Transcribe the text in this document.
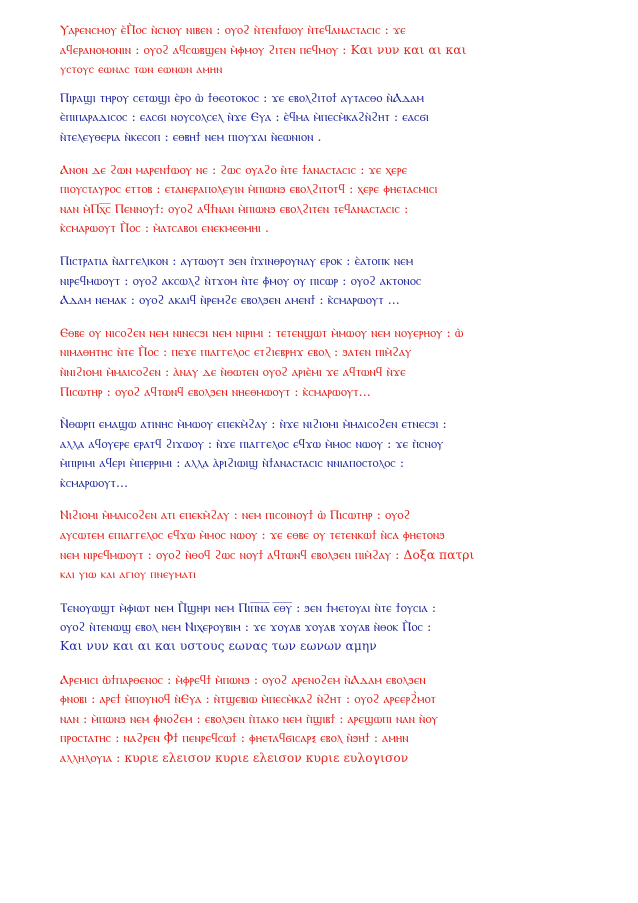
Ⲩⲁⲣⲉⲛⲥⲙⲟⲩ ⲉ̀Ⲡ̀ⲟⲥ ⲛ̀ⲥⲛⲟⲩ ⲛⲓⲃⲉⲛ : ⲟⲩⲟϩ ⲛ̀ⲧⲉⲛϯⲱⲟⲩ ⲛ̀ⲧⲉϥⲁⲛⲁⲥⲧⲁⲥⲓⲥ : ϫⲉ
ⲁϥⲉⲣⲁⲛⲟⲙⲟⲛⲓⲛ : ⲟⲩⲟϩ ⲁϥⲥⲱⲃϣⲉⲛ ⲙ̀ⲫⲙⲟⲩ ϩⲓⲧⲉⲛ ⲡⲉϥⲙⲟⲩ : Και νυν και αι και
ⲩⲥⲧⲟⲩⲥ ⲉⲱⲛⲁⲥ ⲧⲱⲛ ⲉⲱⲛⲱⲛ ⲁⲙⲏⲛ
Ⲡⲓⲣⲁϣⲓ ⲧⲏⲣⲟⲩ ⲥⲉⲧⲱϣⲓ ⲉ̀ⲣⲟ ⲱ̀ ϯⲑⲉⲟⲧⲟⲕⲟⲥ : ϫⲉ ⲉⲃⲟⲗϩⲓⲧⲟϯ ⲁⲩⲧⲁⲥⲑⲟ ⲛ̀Ⲁⲇⲁⲙ
ⲉ̀ⲡⲓⲡⲁⲣⲁⲇⲓⲥⲟⲥ : ⲉⲁⲥϭⲓ ⲛⲟⲩⲥⲟⲗⲥⲉⲗ ⲛ̀ϫⲉ Ⲉⲩⲁ : ⲉ̀ϥⲙⲁ ⲙ̀ⲡⲉⲥⲙ̀ⲕⲁϩⲛ̀ϩⲏⲧ : ⲉⲁⲥϭⲓ
ⲛ̀ⲧⲉⲗⲉⲩⲑⲉⲣⲓⲁ ⲛ̀ⲕⲉⲥⲟⲡ : ⲉⲑⲃⲏϯ ⲛⲉⲙ ⲡⲓⲟⲩϫⲁⲓ ⲛ̀ⲉⲱⲛⲓⲟⲛ .
Ⲁⲛⲟⲛ ⲇⲉ ϩⲱⲛ ⲙⲁⲣⲉⲛϯⲱⲟⲩ ⲛⲉ : ϩⲱⲥ ⲟⲩⲁϩⲟ ⲛ̀ⲧⲉ ϯⲁⲛⲁⲥⲧⲁⲥⲓⲥ : ϫⲉ ⲭⲉⲣⲉ
ⲡⲓⲟⲩⲥⲧⲁⲩⲣⲟⲥ ⲉⲧⲧⲟⲃ : ⲉⲧⲁⲛⲉⲣⲁⲡⲟⲗⲉⲩⲓⲛ ⲙ̀ⲡⲓⲱⲛϧ ⲉⲃⲟⲗϩⲓⲧⲟⲧϥ : ⲭⲉⲣⲉ ⲫⲏⲉⲧⲁⲥⲙⲓⲥⲓ
ⲛⲁⲛ ⲙ̀Ⲡⲭ̅ⲥ̅ Ⲡⲉⲛⲛⲟⲩϯ: ⲟⲩⲟϩ ⲁϥϯⲛⲁⲛ ⲙ̀ⲡⲓⲱⲛϧ ⲉⲃⲟⲗϩⲓⲧⲉⲛ ⲧⲉϥⲁⲛⲁⲥⲧⲁⲥⲓⲥ :
ⲕ̀ⲥⲙⲁⲣⲱⲟⲩⲧ Ⲡ̀ⲟⲥ : ⲙ̀ⲁⲧⲥⲁⲃⲟⲓ ⲉⲛⲉⲕⲙⲉⲑⲙⲏⲓ .
Ⲡⲓⲥⲧⲣⲁⲧⲓⲁ ⲛ̀ⲁⲅⲅⲉⲗⲓⲕⲟⲛ : ⲁⲩⲧⲱⲟⲩⲧ ϧⲉⲛ ⲡ̀ϫⲓⲛⲑⲣⲟⲩⲛⲁⲩ ⲉⲣⲟⲕ : ⲉ̀ⲁⲧⲟⲡⲕ ⲛⲉⲙ
ⲛⲓⲣⲉϥⲙⲱⲟⲩⲧ : ⲟⲩⲟϩ ⲁⲕⲥⲱⲗϩ ⲛ̀ⲧϫⲟⲙ ⲛ̀ⲧⲉ ⲫ̀ⲙⲟⲩ ⲟⲩ ⲡⲓⲥⲱⲣ : ⲟⲩⲟϩ ⲁⲕⲧⲟⲛⲟⲥ
Ⲁⲇⲁⲙ ⲛⲉⲙⲁⲕ : ⲟⲩⲟϩ ⲁⲕⲁⲓϥ ⲛ̀ⲣⲉⲙϩⲉ ⲉⲃⲟⲗϧⲉⲛ ⲁⲙⲉⲛϯ : ⲕ̀ⲥⲙⲁⲣⲱⲟⲩⲧ ...
Ⲉⲑⲃⲉ ⲟⲩ ⲛⲓⲥⲟϩⲉⲛ ⲛⲉⲙ ⲛⲓⲛⲉⲥϧⲓ ⲛⲉⲙ ⲛⲓⲣⲓⲙⲓ : ⲧⲉⲧⲉⲛϣⲱⲧ ⲙ̀ⲙⲱⲟⲩ ⲛⲉⲙ ⲛⲟⲩⲉⲣⲏⲟⲩ : ⲱ̀
ⲛⲓⲙⲁⲑⲏⲧⲏⲥ ⲛ̀ⲧⲉ Ⲡ̀ⲟⲥ : ⲡⲉϫⲉ ⲡⲓⲁⲅⲅⲉⲗⲟⲥ ⲉⲧϩⲓⲉⲃⲣⲏϫ ⲉⲃⲟⲗ : ϧⲁⲧⲉⲛ ⲡⲓⲙ̀ϩⲁⲩ
ⲛ̀ⲛⲓϩⲓⲟⲙⲓ ⲙ̀ⲙⲁⲓⲥⲟϩⲉⲛ : ⲁ̀ⲛⲁⲩ ⲇⲉ ⲛ̀ⲑⲱⲧⲉⲛ ⲟⲩⲟϩ ⲁⲣⲓⲉ̀ⲙⲓ ϫⲉ ⲁϥⲧⲱⲛϥ ⲛ̀ϫⲉ
Ⲡⲓⲥⲱⲧⲏⲣ : ⲟⲩⲟϩ ⲁϥⲧⲱⲛϥ ⲉⲃⲟⲗϧⲉⲛ ⲛⲏⲉⲑⲙⲱⲟⲩⲧ : ⲕ̀ⲥⲙⲁⲣⲱⲟⲩⲧ...
Ⲛ̀ⲑⲱⲣⲡ ⲉⲙⲁϣⲱ ⲁⲧⲓⲛⲏⲥ ⲙ̀ⲙⲱⲟⲩ ⲉⲡⲉⲕⲙ̀ϩⲁⲩ : ⲛ̀ϫⲉ ⲛⲓϩⲓⲟⲙⲓ ⲙ̀ⲙⲁⲓⲥⲟϩⲉⲛ ⲉⲧⲛⲉⲥϧⲓ :
ⲁⲗⲗⲁ ⲁϥⲟⲩⲉⲣⲉ ⲉⲣⲁⲧϥ ϩⲓϫⲱⲟⲩ : ⲛ̀ϫⲉ ⲡⲓⲁⲅⲅⲉⲗⲟⲥ ⲉϥϫⲱ ⲙ̀ⲙⲟⲥ ⲛⲱⲟⲩ : ϫⲉ ⲡ̀ⲥⲛⲟⲩ
ⲙ̀ⲡⲓⲣⲓⲙⲓ ⲁϥⲉⲣⲓ ⲙ̀ⲡⲉⲣⲣⲓⲙⲓ : ⲁⲗⲗⲁ ⲁ̀ⲣⲓϩⲓⲱⲓϣ ⲛ̀ϯⲁⲛⲁⲥⲧⲁⲥⲓⲥ ⲛⲛⲓⲁⲡⲟⲥⲧⲟⲗⲟⲥ :
ⲕ̀ⲥⲙⲁⲣⲱⲟⲩⲧ...
Ⲛⲓϩⲓⲟⲙⲓ ⲙ̀ⲙⲁⲓⲥⲟϩⲉⲛ ⲁⲧⲓ ⲉⲡⲉⲕⲙ̀ϩⲁⲩ : ⲛⲉⲙ ⲡⲓⲥⲟⲓⲛⲟⲩϯ ⲱ̀ Ⲡⲓⲥⲱⲧⲏⲣ : ⲟⲩⲟϩ
ⲁⲩⲥⲱⲧⲉⲙ ⲉⲡⲓⲁⲅⲅⲉⲗⲟⲥ ⲉϥϫⲱ ⲙ̀ⲙⲟⲥ ⲛⲱⲟⲩ : ϫⲉ ⲉⲑⲃⲉ ⲟⲩ ⲧⲉⲧⲉⲛⲕⲱϯ ⲛ̀ⲥⲁ ⲫⲏⲉⲧⲟⲛϧ
ⲛⲉⲙ ⲛⲓⲣⲉϥⲙⲱⲟⲩⲧ : ⲟⲩⲟϩ ⲛ̀ⲑⲟϥ ϩⲱⲥ ⲛⲟⲩϯ ⲁϥⲧⲱⲛϥ ⲉⲃⲟⲗϧⲉⲛ ⲡⲓⲙ̀ϩⲁⲩ : Δοξα πατρι
ⲕⲁⲓ ⲩⲓⲱ ⲕⲁⲓ ⲁⲅⲓⲟⲩ ⲡⲛⲉⲩⲙⲁⲧⲓ
Ⲧⲉⲛⲟⲩⲱϣⲧ ⲙ̀ⲫⲓⲱⲧ ⲛⲉⲙ Ⲡ̀ϣⲏⲣⲓ ⲛⲉⲙ Ⲡⲓⲡ̅ⲛ̅ⲁ̅ ⲉ̅ⲑ̅ⲩ̅ : ϧⲉⲛ ϯⲙⲉⲧⲟⲩⲁⲓ ⲛ̀ⲧⲉ ϯⲟⲩⲥⲓⲁ :
ⲟⲩⲟϩ ⲛ̀ⲧⲉⲛⲱϣ ⲉⲃⲟⲗ ⲛⲉⲙ Ⲛⲓⲭⲉⲣⲟⲩⲃⲓⲙ : ϫⲉ ϫⲟⲩⲁⲃ ϫⲟⲩⲁⲃ ϫⲟⲩⲁⲃ ⲛ̀ⲑⲟⲕ Ⲡ̀ⲟⲥ :
Και νυν και αι και υστους εωνας των εωνων αμην
Ⲁⲣⲉⲙⲓⲥⲓ ⲱ̀ϯⲡⲁⲣⲑⲉⲛⲟⲥ : ⲙ̀ⲫⲣⲉϥϯ ⲙ̀ⲡⲱⲛϧ : ⲟⲩⲟϩ ⲁⲣⲉⲛⲟϩⲉⲙ ⲛ̀Ⲁⲇⲁⲙ ⲉⲃⲟⲗϧⲉⲛ
ⲫⲛⲟⲃⲓ : ⲁⲣⲉϯ ⲙ̀ⲡⲟⲩⲛⲟϥ ⲛ̀Ⲉⲩⲁ : ⲛ̀ⲧϣⲉⲃⲓⲱ ⲙ̀ⲡⲉⲥⲙ̀ⲕⲁϩ ⲛ̀ϩⲏⲧ : ⲟⲩⲟϩ ⲁⲣⲉⲉⲣϩ̀ⲙⲟⲧ
ⲛⲁⲛ : ⲙ̀ⲡⲱⲛϧ ⲛⲉⲙ ⲫ̀ⲛⲟϩⲉⲙ : ⲉⲃⲟⲗϧⲉⲛ ⲡ̀ⲧⲁⲕⲟ ⲛⲉⲙ ⲡ̀ϣⲓⲃϯ : ⲁⲣⲉϣⲱⲡⲓ ⲛⲁⲛ ⲛ̀ⲟⲩ
ⲡⲣⲟⲥⲧⲁⲧⲏⲥ : ⲛⲁϩⲣⲉⲛ Ⲫ̀ϯ ⲡⲉⲛⲣⲉϥⲥⲱϯ : ⲫⲏⲉⲧⲁϥϭⲓⲥⲁⲣⲝ ⲉⲃⲟⲗ ⲛ̀ϧⲏϯ : ⲁⲙⲏⲛ
ⲁⲗⲗⲏⲗⲟⲩⲓⲁ : κυριε ελεισον κυριε ελεισον κυριε ευλογισον
